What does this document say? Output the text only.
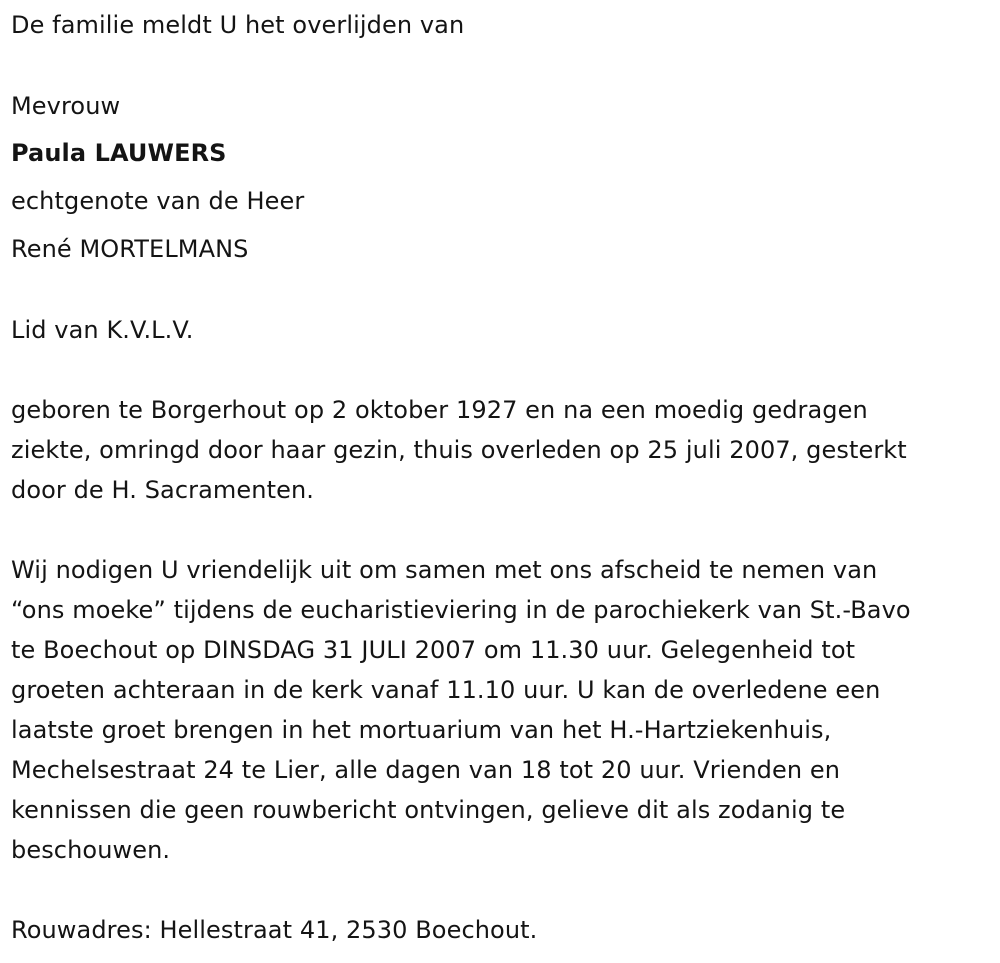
De familie meldt U het overlijden van
Mevrouw
Paula LAUWERS
echtgenote van de Heer
René MORTELMANS
Lid van K.V.L.V.
geboren te Borgerhout op 2 oktober 1927 en na een moedig gedragen
ziekte, omringd door haar gezin, thuis overleden op 25 juli 2007, gesterkt
door de H. Sacramenten.
Wij nodigen U vriendelijk uit om samen met ons afscheid te nemen van
“ons moeke” tijdens de eucharistieviering in de parochiekerk van St.-Bavo
te Boechout op DINSDAG 31 JULI 2007 om 11.30 uur. Gelegenheid tot
groeten achteraan in de kerk vanaf 11.10 uur. U kan de overledene een
laatste groet brengen in het mortuarium van het H.-Hartziekenhuis,
Mechelsestraat 24 te Lier, alle dagen van 18 tot 20 uur. Vrienden en
kennissen die geen rouwbericht ontvingen, gelieve dit als zodanig te
beschouwen.
Rouwadres: Hellestraat 41, 2530 Boechout.
